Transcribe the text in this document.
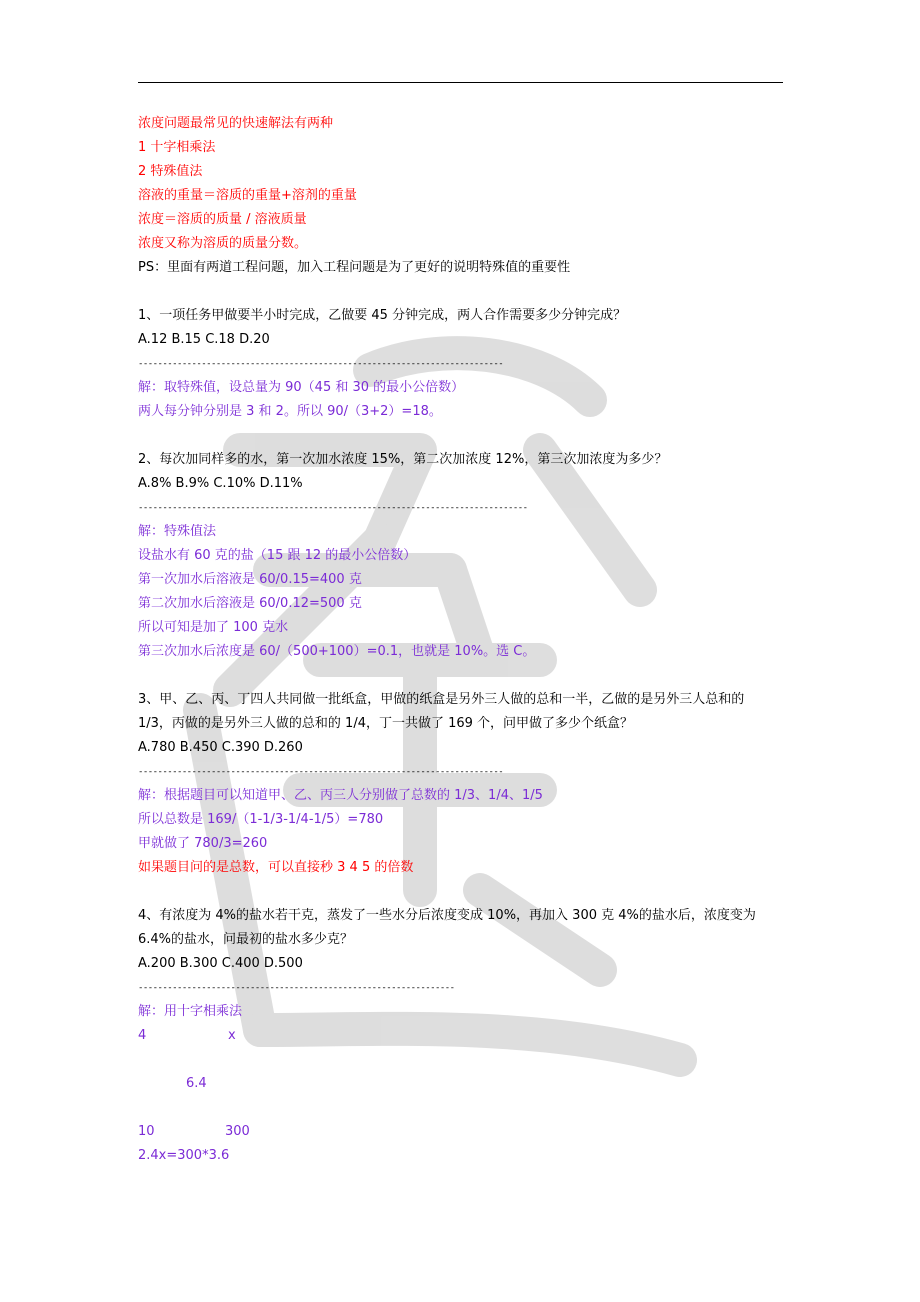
浓度问题最常见的快速解法有两种
1 十字相乘法
2 特殊值法
溶液的重量＝溶质的重量+溶剂的重量
浓度＝溶质的质量 / 溶液质量
浓度又称为溶质的质量分数。
PS：里面有两道工程问题，加入工程问题是为了更好的说明特殊值的重要性
1、一项任务甲做要半小时完成，乙做要 45 分钟完成，两人合作需要多少分钟完成？
A.12 B.15 C.18 D.20
---------------------------------------------------------------------------
解：取特殊值，设总量为 90（45 和 30 的最小公倍数）
两人每分钟分别是 3 和 2。所以 90/（3+2）=18。
2、每次加同样多的水，第一次加水浓度 15%，第二次加浓度 12%，第三次加浓度为多少？
A.8% B.9% C.10% D.11%
--------------------------------------------------------------------------------
解：特殊值法
设盐水有 60 克的盐（15 跟 12 的最小公倍数）
第一次加水后溶液是 60/0.15=400 克
第二次加水后溶液是 60/0.12=500 克
所以可知是加了 100 克水
第三次加水后浓度是 60/（500+100）=0.1，也就是 10%。选 C。
3、甲、乙、丙、丁四人共同做一批纸盒，甲做的纸盒是另外三人做的总和一半，乙做的是另外三人总和的
1/3，丙做的是另外三人做的总和的 1/4，丁一共做了 169 个，问甲做了多少个纸盒？
A.780 B.450 C.390 D.260
---------------------------------------------------------------------------
解：根据题目可以知道甲、乙、丙三人分别做了总数的 1/3、1/4、1/5
所以总数是 169/（1-1/3-1/4-1/5）=780
甲就做了 780/3=260
如果题目问的是总数，可以直接秒 3 4 5 的倍数
4、有浓度为 4%的盐水若干克，蒸发了一些水分后浓度变成 10%，再加入 300 克 4%的盐水后，浓度变为
6.4%的盐水，问最初的盐水多少克？
A.200 B.300 C.400 D.500
-----------------------------------------------------------------
解：用十字相乘法
4	x
6.4
10	300
2.4x=300*3.6
